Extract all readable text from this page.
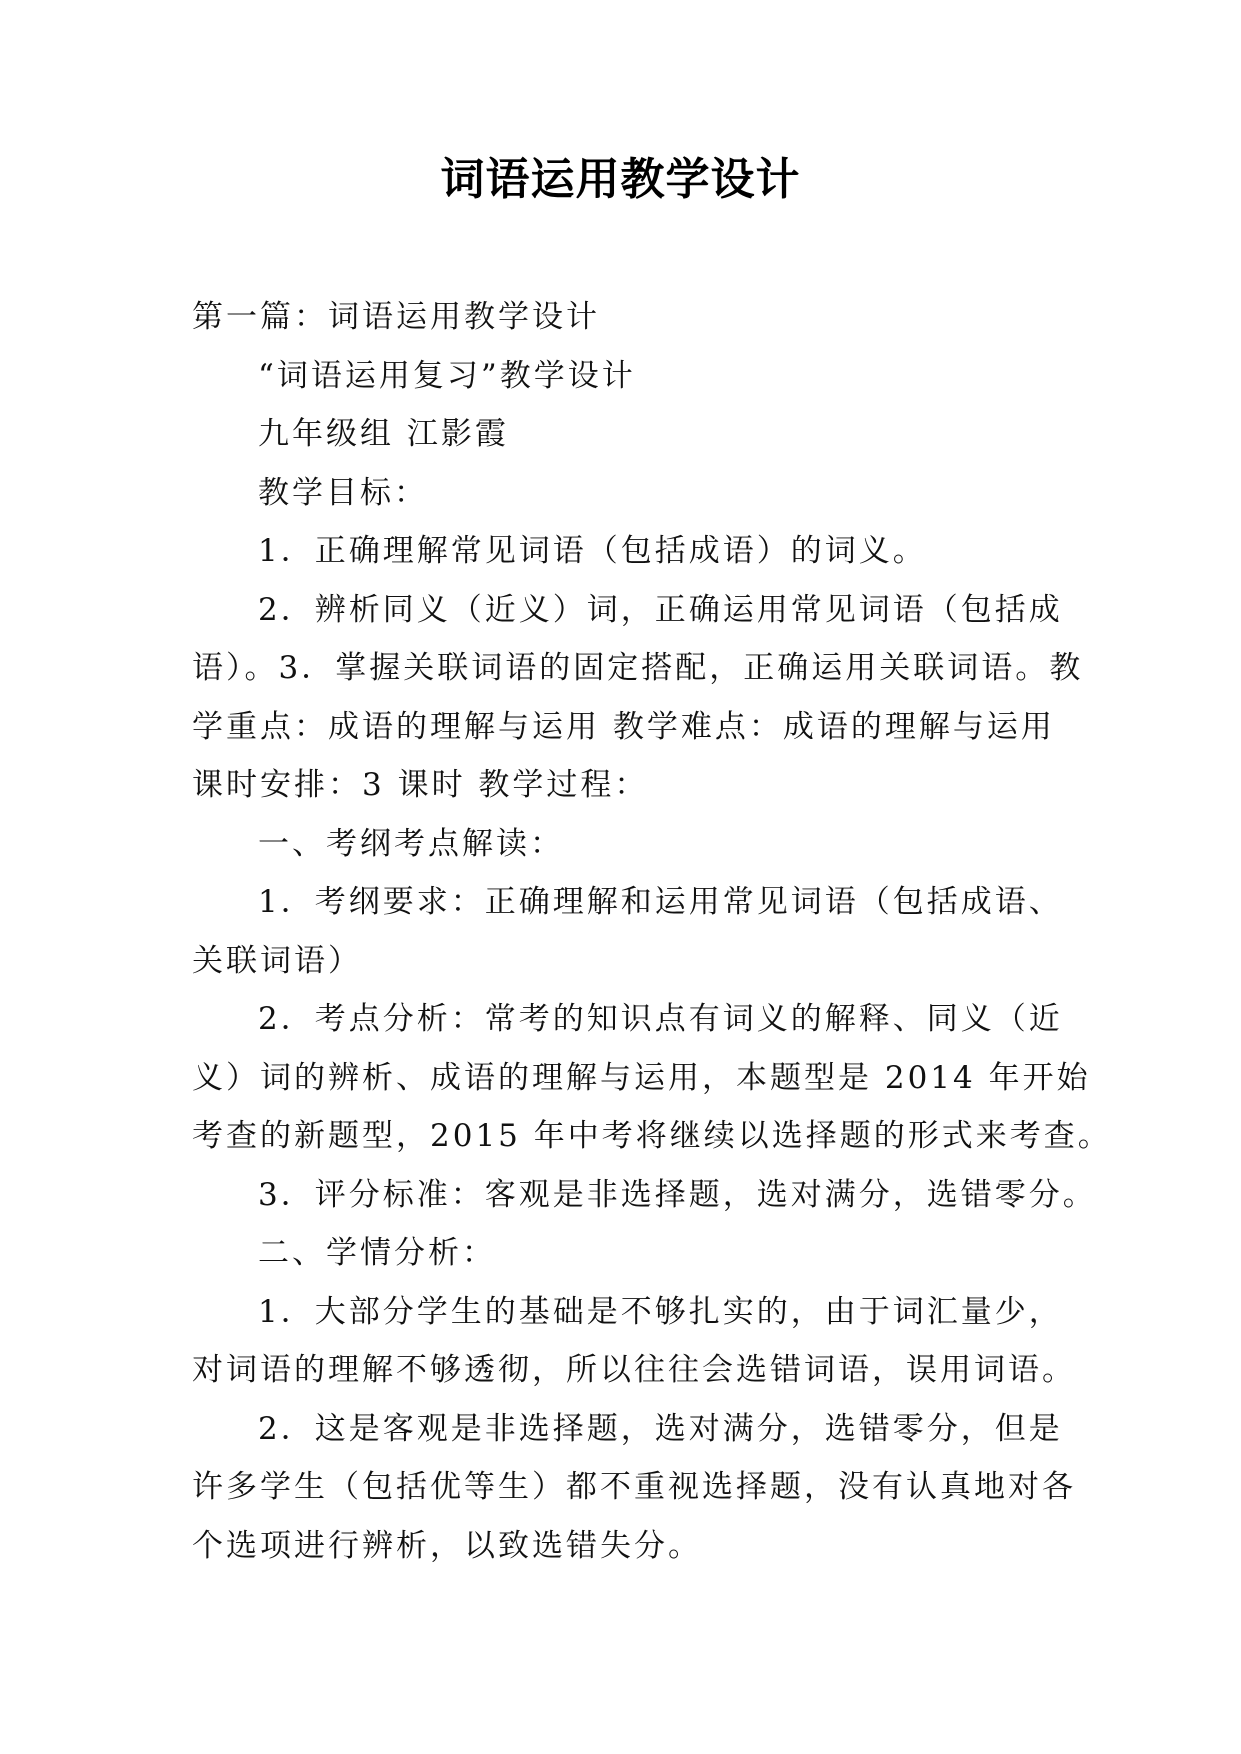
词语运用教学设计
第一篇：词语运用教学设计
“词语运用复习”教学设计
九年级组 江影霞
教学目标：
1．正确理解常见词语（包括成语）的词义。
2．辨析同义（近义）词，正确运用常见词语（包括成
语）。3．掌握关联词语的固定搭配，正确运用关联词语。教
学重点：成语的理解与运用 教学难点：成语的理解与运用
课时安排：3 课时 教学过程：
一、考纲考点解读：
1．考纲要求：正确理解和运用常见词语（包括成语、
关联词语）
2．考点分析：常考的知识点有词义的解释、同义（近
义）词的辨析、成语的理解与运用，本题型是 2014 年开始
考查的新题型，2015 年中考将继续以选择题的形式来考查。
3．评分标准：客观是非选择题，选对满分，选错零分。
二、学情分析：
1．大部分学生的基础是不够扎实的，由于词汇量少，
对词语的理解不够透彻，所以往往会选错词语，误用词语。
2．这是客观是非选择题，选对满分，选错零分，但是
许多学生（包括优等生）都不重视选择题，没有认真地对各
个选项进行辨析，以致选错失分。
